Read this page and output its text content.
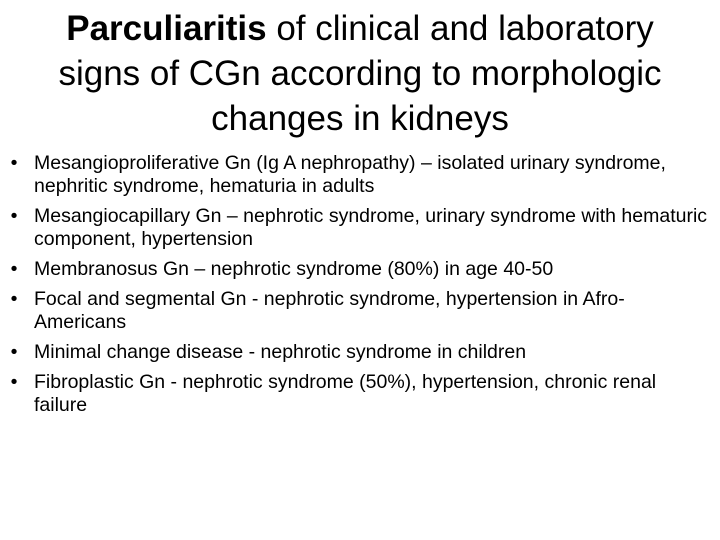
Parculiaritis of clinical and laboratory
signs of CGn according to morphologic
changes in kidneys
• Mesangioproliferative Gn (Ig A nephropathy) – isolated urinary syndrome, nephritic syndrome, hematuria in adults
• Mesangiocapillary Gn – nephrotic syndrome, urinary syndrome with hematuric component, hypertension
• Membranosus Gn – nephrotic syndrome (80%) in age 40-50
• Focal and segmental Gn - nephrotic syndrome, hypertension in Afro-Americans
• Minimal change disease - nephrotic syndrome in children
• Fibroplastic Gn - nephrotic syndrome (50%), hypertension, chronic renal failure
